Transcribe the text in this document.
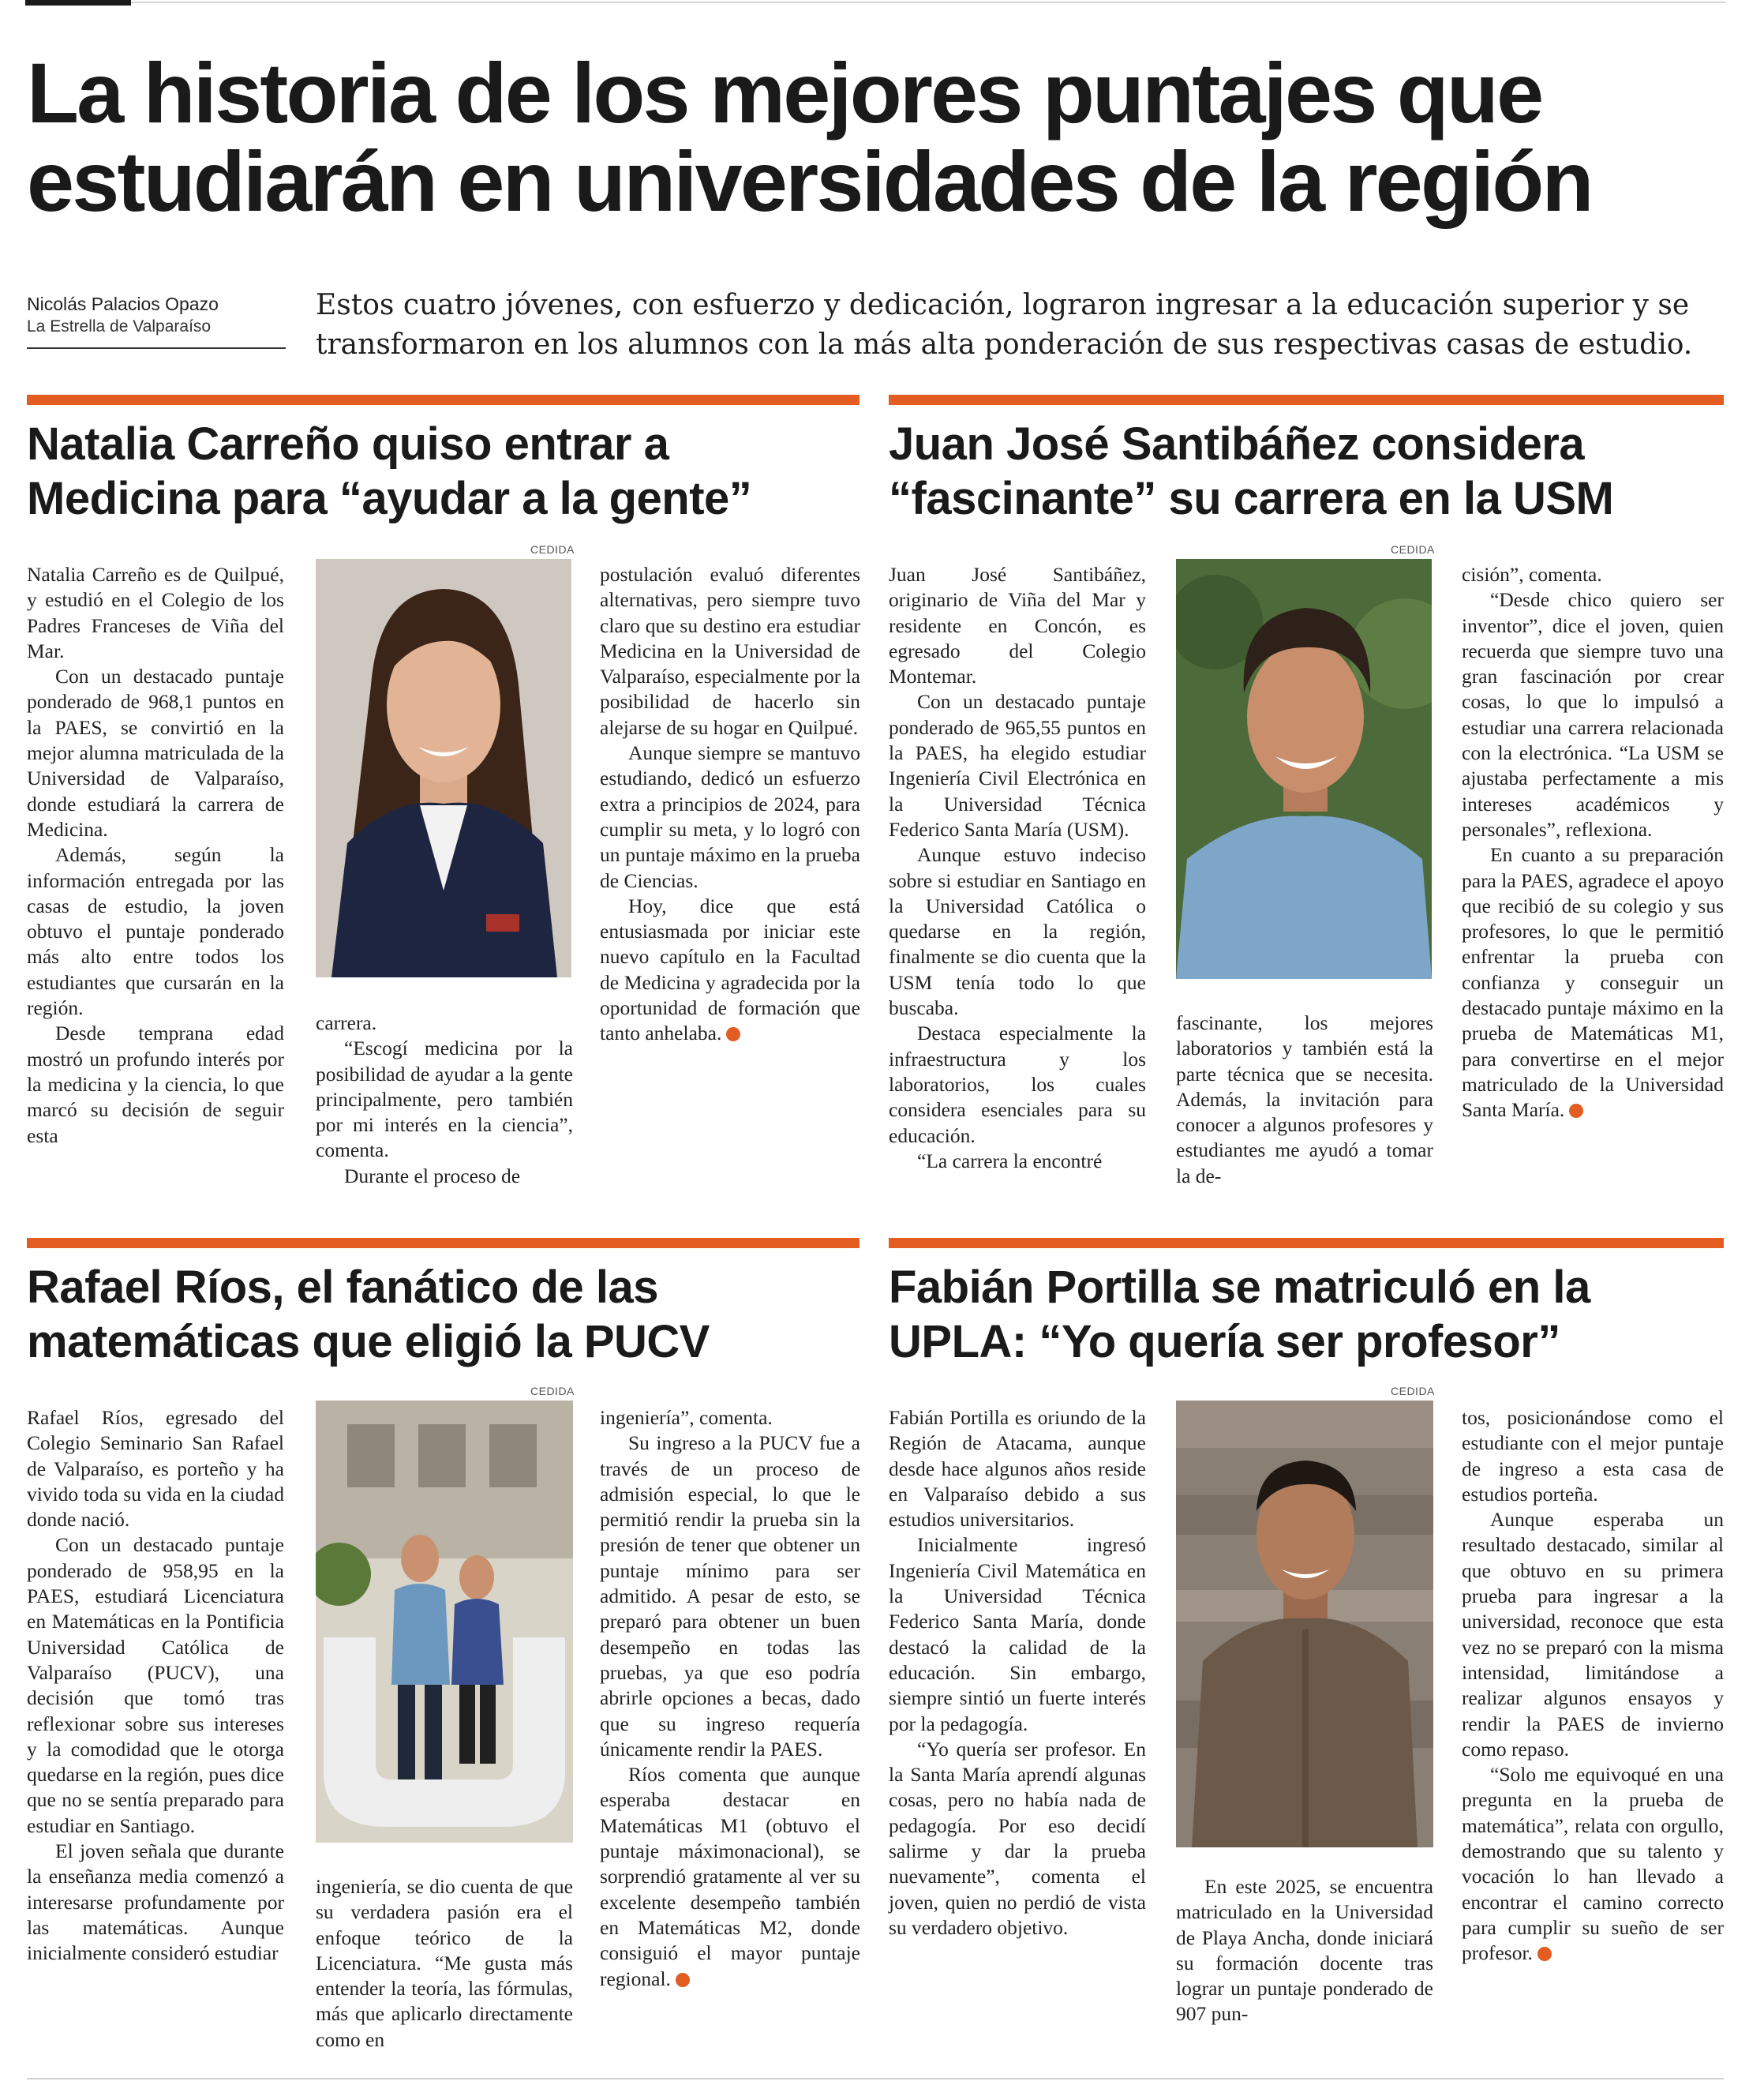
La historia de los mejores puntajes que
estudiarán en universidades de la región
Nicolás Palacios Opazo
La Estrella de Valparaíso
Estos cuatro jóvenes, con esfuerzo y dedicación, lograron ingresar a la educación superior y se
transformaron en los alumnos con la más alta ponderación de sus respectivas casas de estudio.
Natalia Carreño quiso entrar a
Medicina para “ayudar a la gente”
CEDIDA

Natalia Carreño es de Quilpué, y estudió en el Colegio de los Padres Franceses de Viña del Mar.

Con un destacado puntaje ponderado de 968,1 puntos en la PAES, se convirtió en la mejor alumna matriculada de la Universidad de Valparaíso, donde estudiará la carrera de Medicina.

Además, según la información entregada por las casas de estudio, la joven obtuvo el puntaje ponderado más alto entre todos los estudiantes que cursarán en la región.

Desde temprana edad mostró un profundo interés por la medicina y la ciencia, lo que marcó su decisión de seguir esta

carrera.

“Escogí medicina por la posibilidad de ayudar a la gente principalmente, pero también por mi interés en la ciencia”, comenta.

Durante el proceso de

postulación evaluó diferentes alternativas, pero siempre tuvo claro que su destino era estudiar Medicina en la Universidad de Valparaíso, especialmente por la posibilidad de hacerlo sin alejarse de su hogar en Quilpué.

Aunque siempre se mantuvo estudiando, dedicó un esfuerzo extra a principios de 2024, para cumplir su meta, y lo logró con un puntaje máximo en la prueba de Ciencias.

Hoy, dice que está entusiasmada por iniciar este nuevo capítulo en la Facultad de Medicina y agradecida por la oportunidad de formación que tanto anhelaba.

Juan José Santibáñez considera
“fascinante” su carrera en la USM
CEDIDA

Juan José Santibáñez, originario de Viña del Mar y residente en Concón, es egresado del Colegio Montemar.

Con un destacado puntaje ponderado de 965,55 puntos en la PAES, ha elegido estudiar Ingeniería Civil Electrónica en la Universidad Técnica Federico Santa María (USM).

Aunque estuvo indeciso sobre si estudiar en Santiago en la Universidad Católica o quedarse en la región, finalmente se dio cuenta que la USM tenía todo lo que buscaba.

Destaca especialmente la infraestructura y los laboratorios, los cuales considera esenciales para su educación.

“La carrera la encontré

fascinante, los mejores laboratorios y también está la parte técnica que se necesita. Además, la invitación para conocer a algunos profesores y estudiantes me ayudó a tomar la de-

cisión”, comenta.

“Desde chico quiero ser inventor”, dice el joven, quien recuerda que siempre tuvo una gran fascinación por crear cosas, lo que lo impulsó a estudiar una carrera relacionada con la electrónica. “La USM se ajustaba perfectamente a mis intereses académicos y personales”, reflexiona.

En cuanto a su preparación para la PAES, agradece el apoyo que recibió de su colegio y sus profesores, lo que le permitió enfrentar la prueba con confianza y conseguir un destacado puntaje máximo en la prueba de Matemáticas M1, para convertirse en el mejor matriculado de la Universidad Santa María.

Rafael Ríos, el fanático de las
matemáticas que eligió la PUCV
CEDIDA

Rafael Ríos, egresado del Colegio Seminario San Rafael de Valparaíso, es porteño y ha vivido toda su vida en la ciudad donde nació.

Con un destacado puntaje ponderado de 958,95 en la PAES, estudiará Licenciatura en Matemáticas en la Pontificia Universidad Católica de Valparaíso (PUCV), una decisión que tomó tras reflexionar sobre sus intereses y la comodidad que le otorga quedarse en la región, pues dice que no se sentía preparado para estudiar en Santiago.

El joven señala que durante la enseñanza media comenzó a interesarse profundamente por las matemáticas. Aunque inicialmente consideró estudiar

ingeniería, se dio cuenta de que su verdadera pasión era el enfoque teórico de la Licenciatura. “Me gusta más entender la teoría, las fórmulas, más que aplicarlo directamente como en

ingeniería”, comenta.

Su ingreso a la PUCV fue a través de un proceso de admisión especial, lo que le permitió rendir la prueba sin la presión de tener que obtener un puntaje mínimo para ser admitido. A pesar de esto, se preparó para obtener un buen desempeño en todas las pruebas, ya que eso podría abrirle opciones a becas, dado que su ingreso requería únicamente rendir la PAES.

Ríos comenta que aunque esperaba destacar en Matemáticas M1 (obtuvo el puntaje máximonacional), se sorprendió gratamente al ver su excelente desempeño también en Matemáticas M2, donde consiguió el mayor puntaje regional.

Fabián Portilla se matriculó en la
UPLA: “Yo quería ser profesor”
CEDIDA

Fabián Portilla es oriundo de la Región de Atacama, aunque desde hace algunos años reside en Valparaíso debido a sus estudios universitarios.

Inicialmente ingresó Ingeniería Civil Matemática en la Universidad Técnica Federico Santa María, donde destacó la calidad de la educación. Sin embargo, siempre sintió un fuerte interés por la pedagogía.

“Yo quería ser profesor. En la Santa María aprendí algunas cosas, pero no había nada de pedagogía. Por eso decidí salirme y dar la prueba nuevamente”, comenta el joven, quien no perdió de vista su verdadero objetivo.

En este 2025, se encuentra matriculado en la Universidad de Playa Ancha, donde iniciará su formación docente tras lograr un puntaje ponderado de 907 pun-

tos, posicionándose como el estudiante con el mejor puntaje de ingreso a esta casa de estudios porteña.

Aunque esperaba un resultado destacado, similar al que obtuvo en su primera prueba para ingresar a la universidad, reconoce que esta vez no se preparó con la misma intensidad, limitándose a realizar algunos ensayos y rendir la PAES de invierno como repaso.

“Solo me equivoqué en una pregunta en la prueba de matemática”, relata con orgullo, demostrando que su talento y vocación lo han llevado a encontrar el camino correcto para cumplir su sueño de ser profesor.
